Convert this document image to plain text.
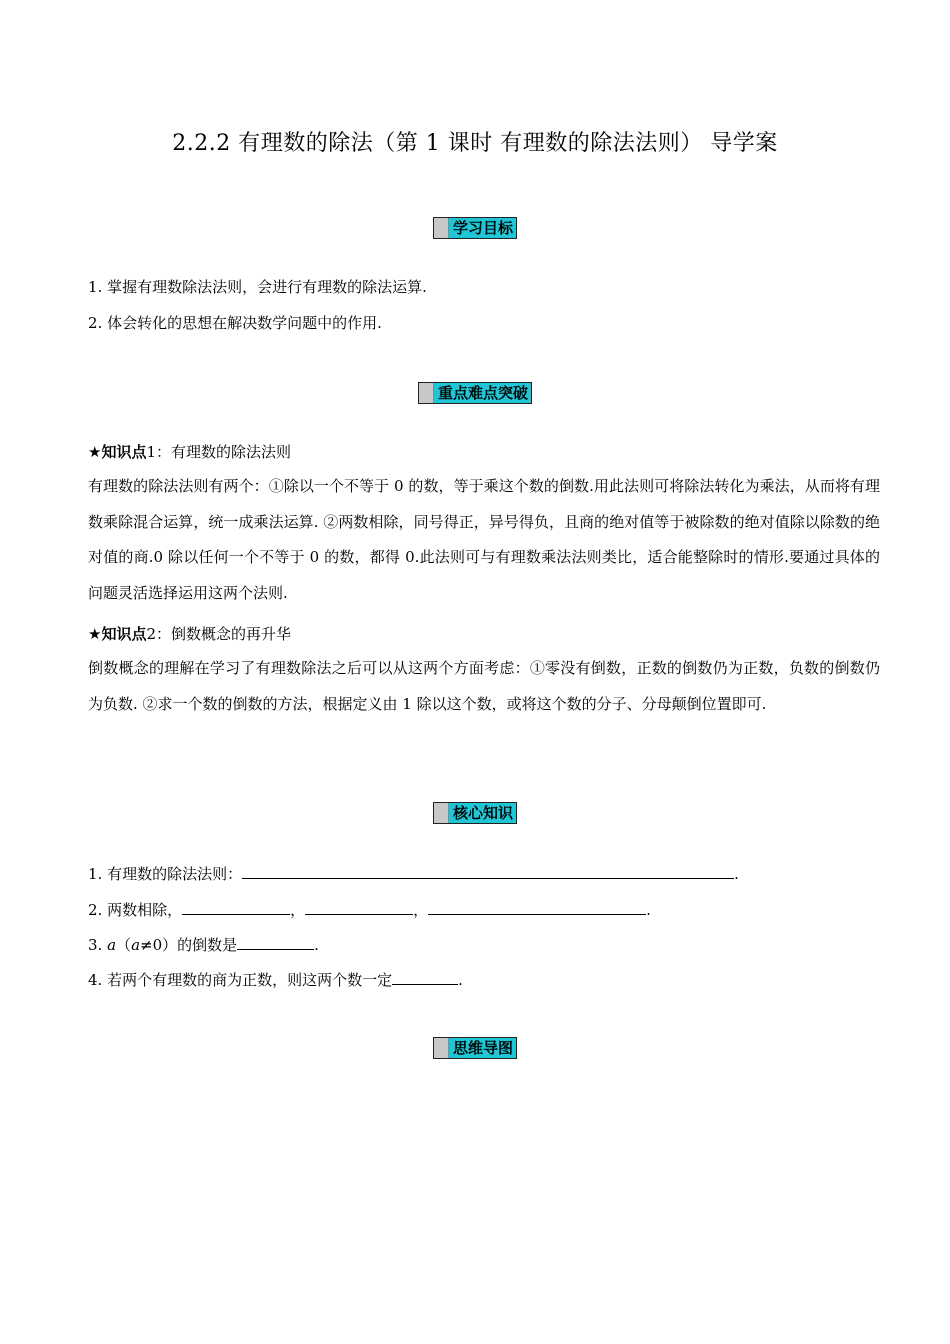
2.2.2 有理数的除法（第 1 课时 有理数的除法法则） 导学案
学习目标
1. 掌握有理数除法法则，会进行有理数的除法运算.
2. 体会转化的思想在解决数学问题中的作用.
重点难点突破
★知识点1：有理数的除法法则
有理数的除法法则有两个：①除以一个不等于 0 的数，等于乘这个数的倒数.用此法则可将除法转化为乘法，从而将有理数乘除混合运算，统一成乘法运算. ②两数相除，同号得正，异号得负，且商的绝对值等于被除数的绝对值除以除数的绝对值的商.0 除以任何一个不等于 0 的数，都得 0.此法则可与有理数乘法法则类比，适合能整除时的情形.要通过具体的问题灵活选择运用这两个法则.
★知识点2：倒数概念的再升华
倒数概念的理解在学习了有理数除法之后可以从这两个方面考虑：①零没有倒数，正数的倒数仍为正数，负数的倒数仍为负数. ②求一个数的倒数的方法，根据定义由 1 除以这个数，或将这个数的分子、分母颠倒位置即可.
核心知识
1. 有理数的除法法则：	.
2. 两数相除，	，	，	.
3. a（a≠0）的倒数是	.
4. 若两个有理数的商为正数，则这两个数一定	.
思维导图
